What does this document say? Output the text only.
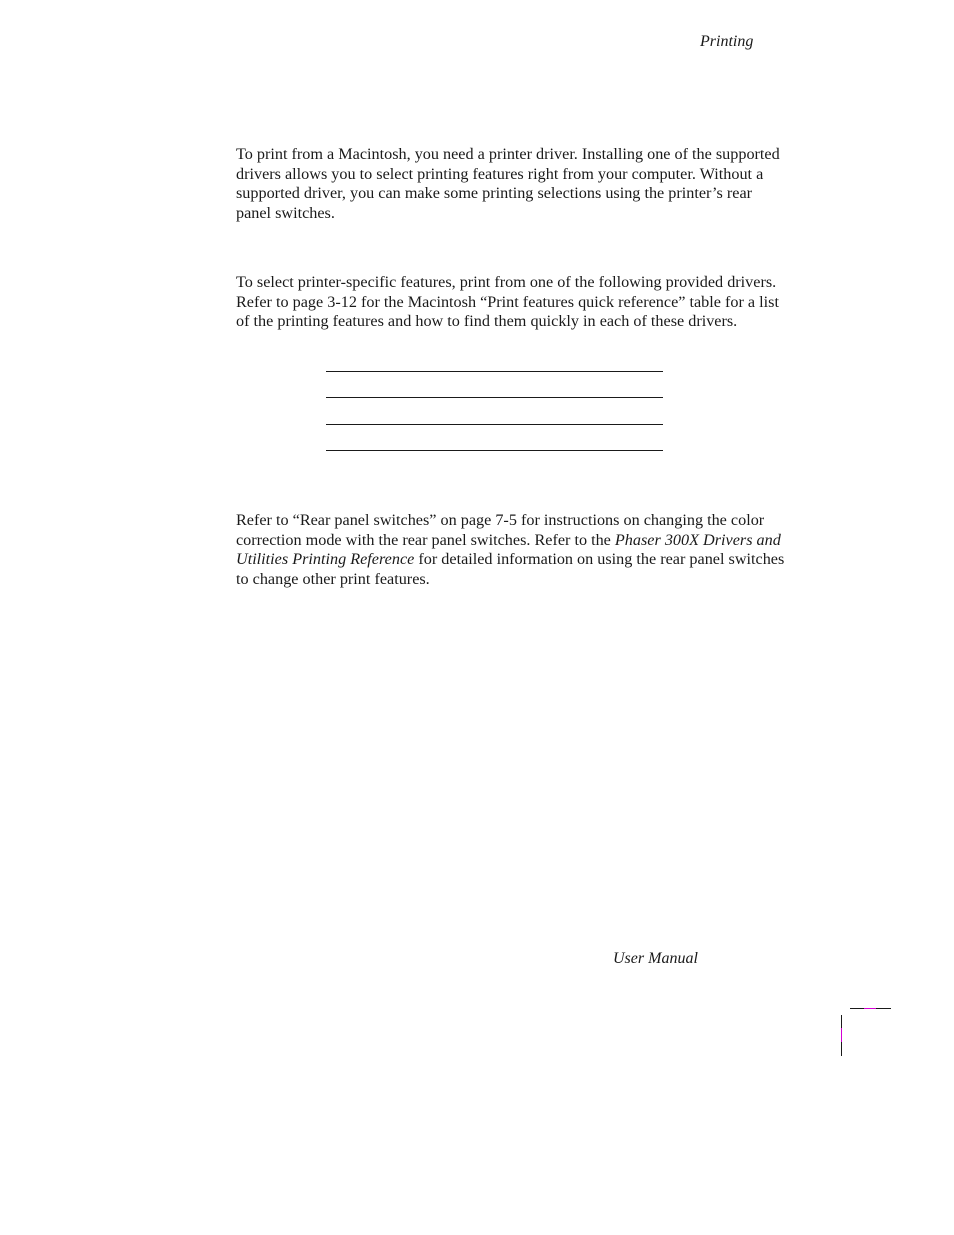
Printing

To print from a Macintosh, you need a printer driver. Installing one of the supported drivers allows you to select printing features right from your computer. Without a supported driver, you can make some printing selections using the printer’s rear panel switches.

To select printer-specific features, print from one of the following provided drivers. Refer to page 3-12 for the Macintosh “Print features quick reference” table for a list of the printing features and how to find them quickly in each of these drivers.

Refer to “Rear panel switches” on page 7-5 for instructions on changing the color correction mode with the rear panel switches. Refer to the Phaser 300X Drivers and Utilities Printing Reference for detailed information on using the rear panel switches to change other print features.

User Manual
